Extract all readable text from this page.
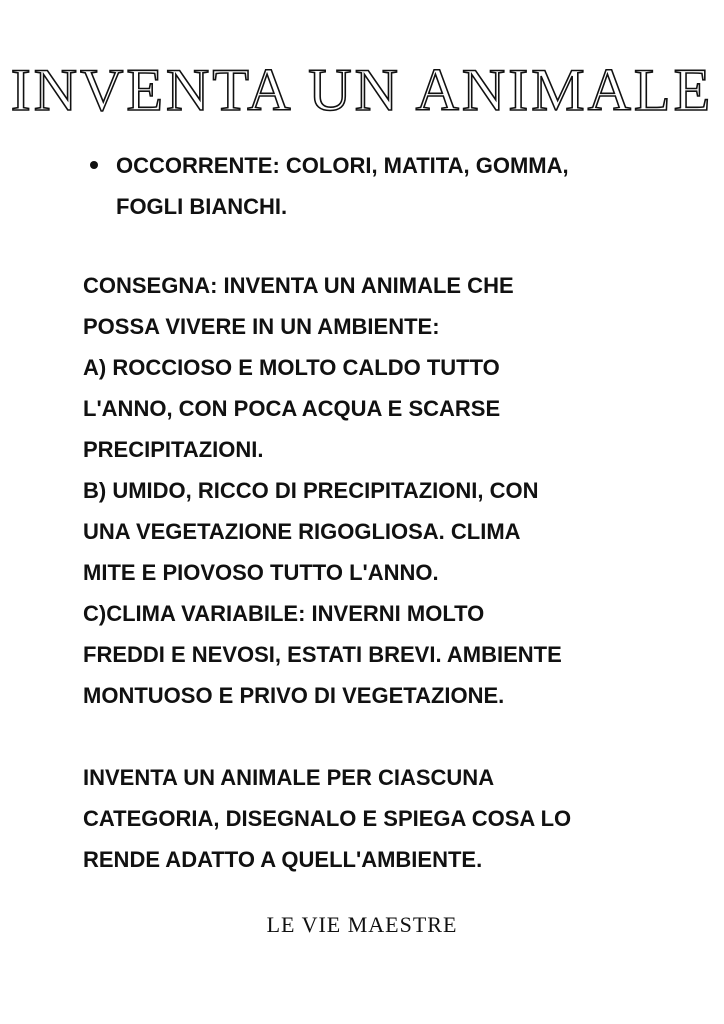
INVENTA UN ANIMALE
OCCORRENTE: COLORI, MATITA, GOMMA,
FOGLI BIANCHI.
CONSEGNA: INVENTA UN ANIMALE CHE
POSSA VIVERE IN UN AMBIENTE:
A) ROCCIOSO E MOLTO CALDO TUTTO
L'ANNO, CON POCA ACQUA E SCARSE
PRECIPITAZIONI.
B) UMIDO, RICCO DI PRECIPITAZIONI, CON
UNA VEGETAZIONE RIGOGLIOSA. CLIMA
MITE E PIOVOSO TUTTO L'ANNO.
C)CLIMA VARIABILE: INVERNI MOLTO
FREDDI E NEVOSI, ESTATI BREVI. AMBIENTE
MONTUOSO E PRIVO DI VEGETAZIONE.
INVENTA UN ANIMALE PER CIASCUNA
CATEGORIA, DISEGNALO E SPIEGA COSA LO
RENDE ADATTO A QUELL'AMBIENTE.
LE VIE MAESTRE
